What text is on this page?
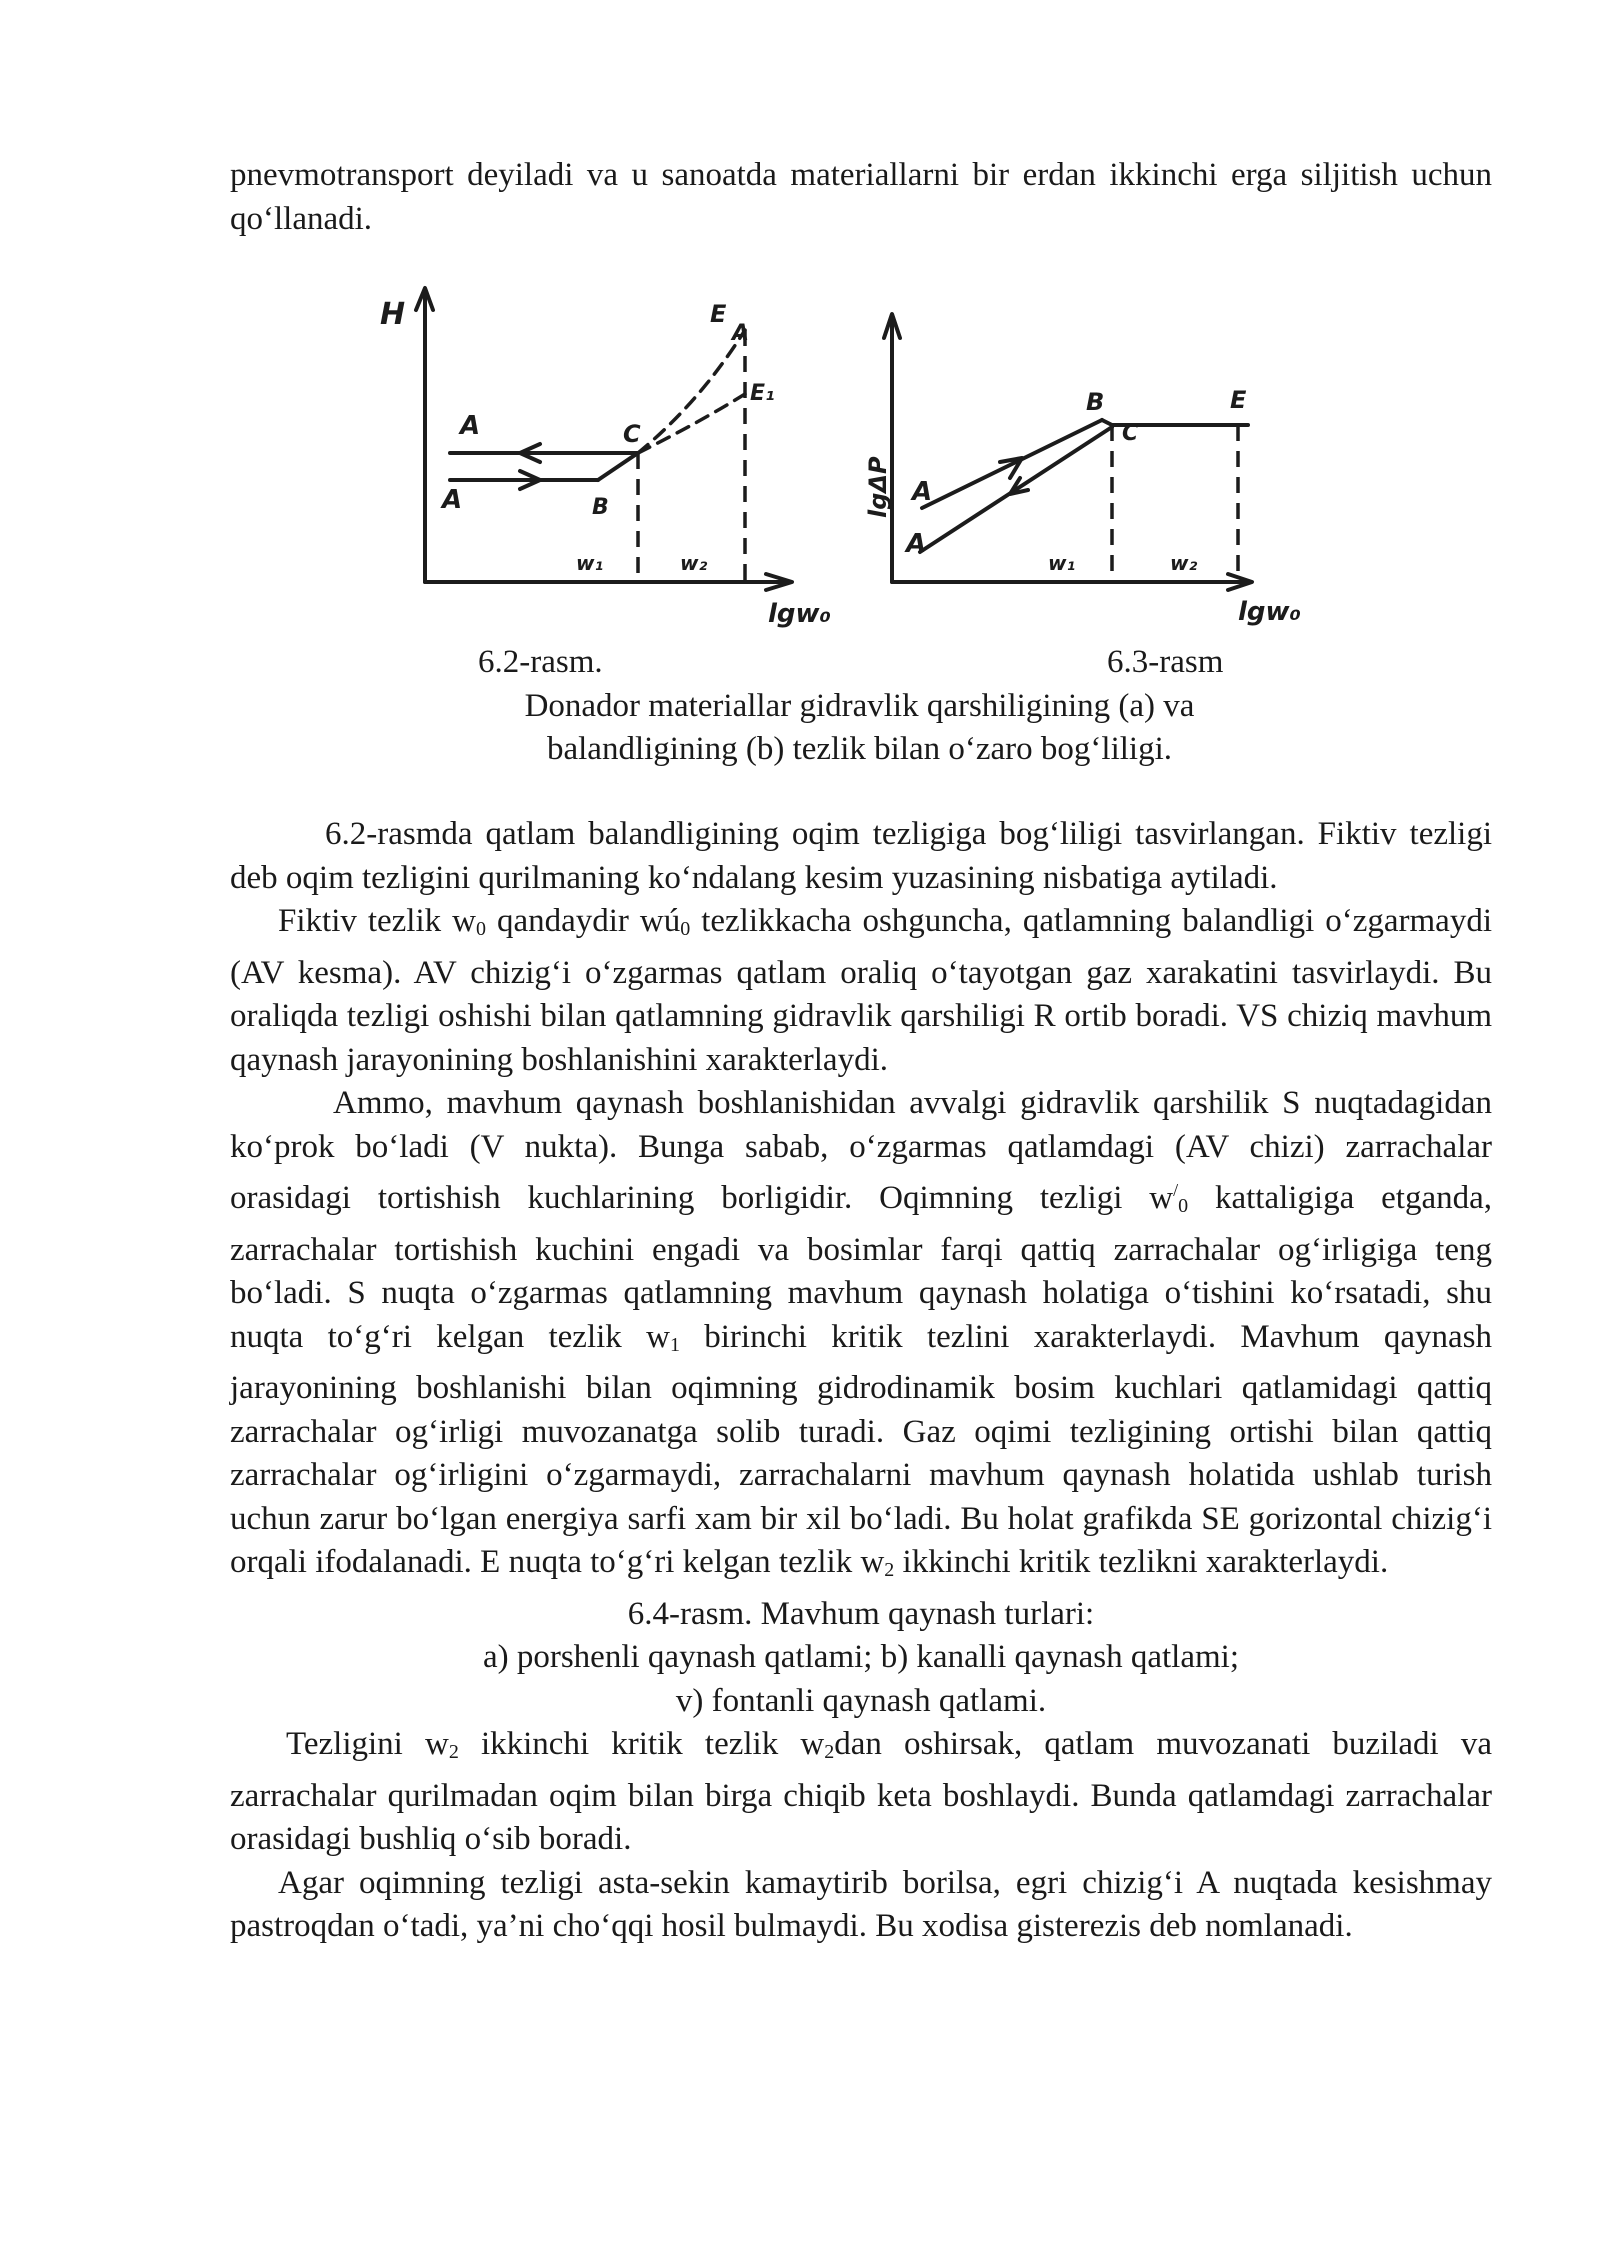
pnevmotransport deyiladi va u sanoatda materiallarni bir erdan ikkinchi erga siljitish uchun qo‘llanadi.

H
A
A	B
C
E
A
E₁
w₁	w₂
lgw₀
lgΔP A
A
B
C
E
w₁	w₂
lgw₀
6.2-rasm.	6.3-rasm
Donador materiallar gidravlik qarshiligining (a) va
balandligining (b) tezlik bilan o‘zaro bog‘liligi.

6.2-rasmda qatlam balandligining oqim tezligiga bog‘liligi tasvirlangan. Fiktiv tezligi deb oqim tezligini qurilmaning ko‘ndalang kesim yuzasining nisbatiga aytiladi.

Fiktiv tezlik $w_0$ qandaydir $wú_0$ tezlikkacha oshguncha, qatlamning balandligi o‘zgarmaydi (AV kesma). AV chizig‘i o‘zgarmas qatlam oraliq o‘tayotgan gaz xarakatini tasvirlaydi. Bu oraliqda tezligi oshishi bilan qatlamning gidravlik qarshiligi R ortib boradi. VS chiziq mavhum qaynash jarayonining boshlanishini xarakterlaydi.

Ammo, mavhum qaynash boshlanishidan avvalgi gidravlik qarshilik S nuqtadagidan ko‘prok bo‘ladi (V nukta). Bunga sabab, o‘zgarmas qatlamdagi (AV chizi) zarrachalar orasidagi tortishish kuchlarining borligidir. Oqimning tezligi $w^/_0$ kattaligiga etganda, zarrachalar tortishish kuchini engadi va bosimlar farqi qattiq zarrachalar og‘irligiga teng bo‘ladi. S nuqta o‘zgarmas qatlamning mavhum qaynash holatiga o‘tishini ko‘rsatadi, shu nuqta to‘g‘ri kelgan tezlik $w_1$ birinchi kritik tezlini xarakterlaydi. Mavhum qaynash jarayonining boshlanishi bilan oqimning gidrodinamik bosim kuchlari qatlamidagi qattiq zarrachalar og‘irligi muvozanatga solib turadi. Gaz oqimi tezligining ortishi bilan qattiq zarrachalar og‘irligini o‘zgarmaydi, zarrachalarni mavhum qaynash holatida ushlab turish uchun zarur bo‘lgan energiya sarfi xam bir xil bo‘ladi. Bu holat grafikda SE gorizontal chizig‘i orqali ifodalanadi. E nuqta to‘g‘ri kelgan tezlik $w_2$ ikkinchi kritik tezlikni xarakterlaydi.

6.4-rasm. Mavhum qaynash turlari:

a) porshenli qaynash qatlami; b) kanalli qaynash qatlami;

v) fontanli qaynash qatlami.

Tezligini $w_2$ ikkinchi kritik tezlik $w_2dan$ oshirsak, qatlam muvozanati buziladi va zarrachalar qurilmadan oqim bilan birga chiqib keta boshlaydi. Bunda qatlamdagi zarrachalar orasidagi bushliq o‘sib boradi.

Agar oqimning tezligi asta-sekin kamaytirib borilsa, egri chizig‘i A nuqtada kesishmay pastroqdan o‘tadi, ya’ni cho‘qqi hosil bulmaydi. Bu xodisa gisterezis deb nomlanadi.
